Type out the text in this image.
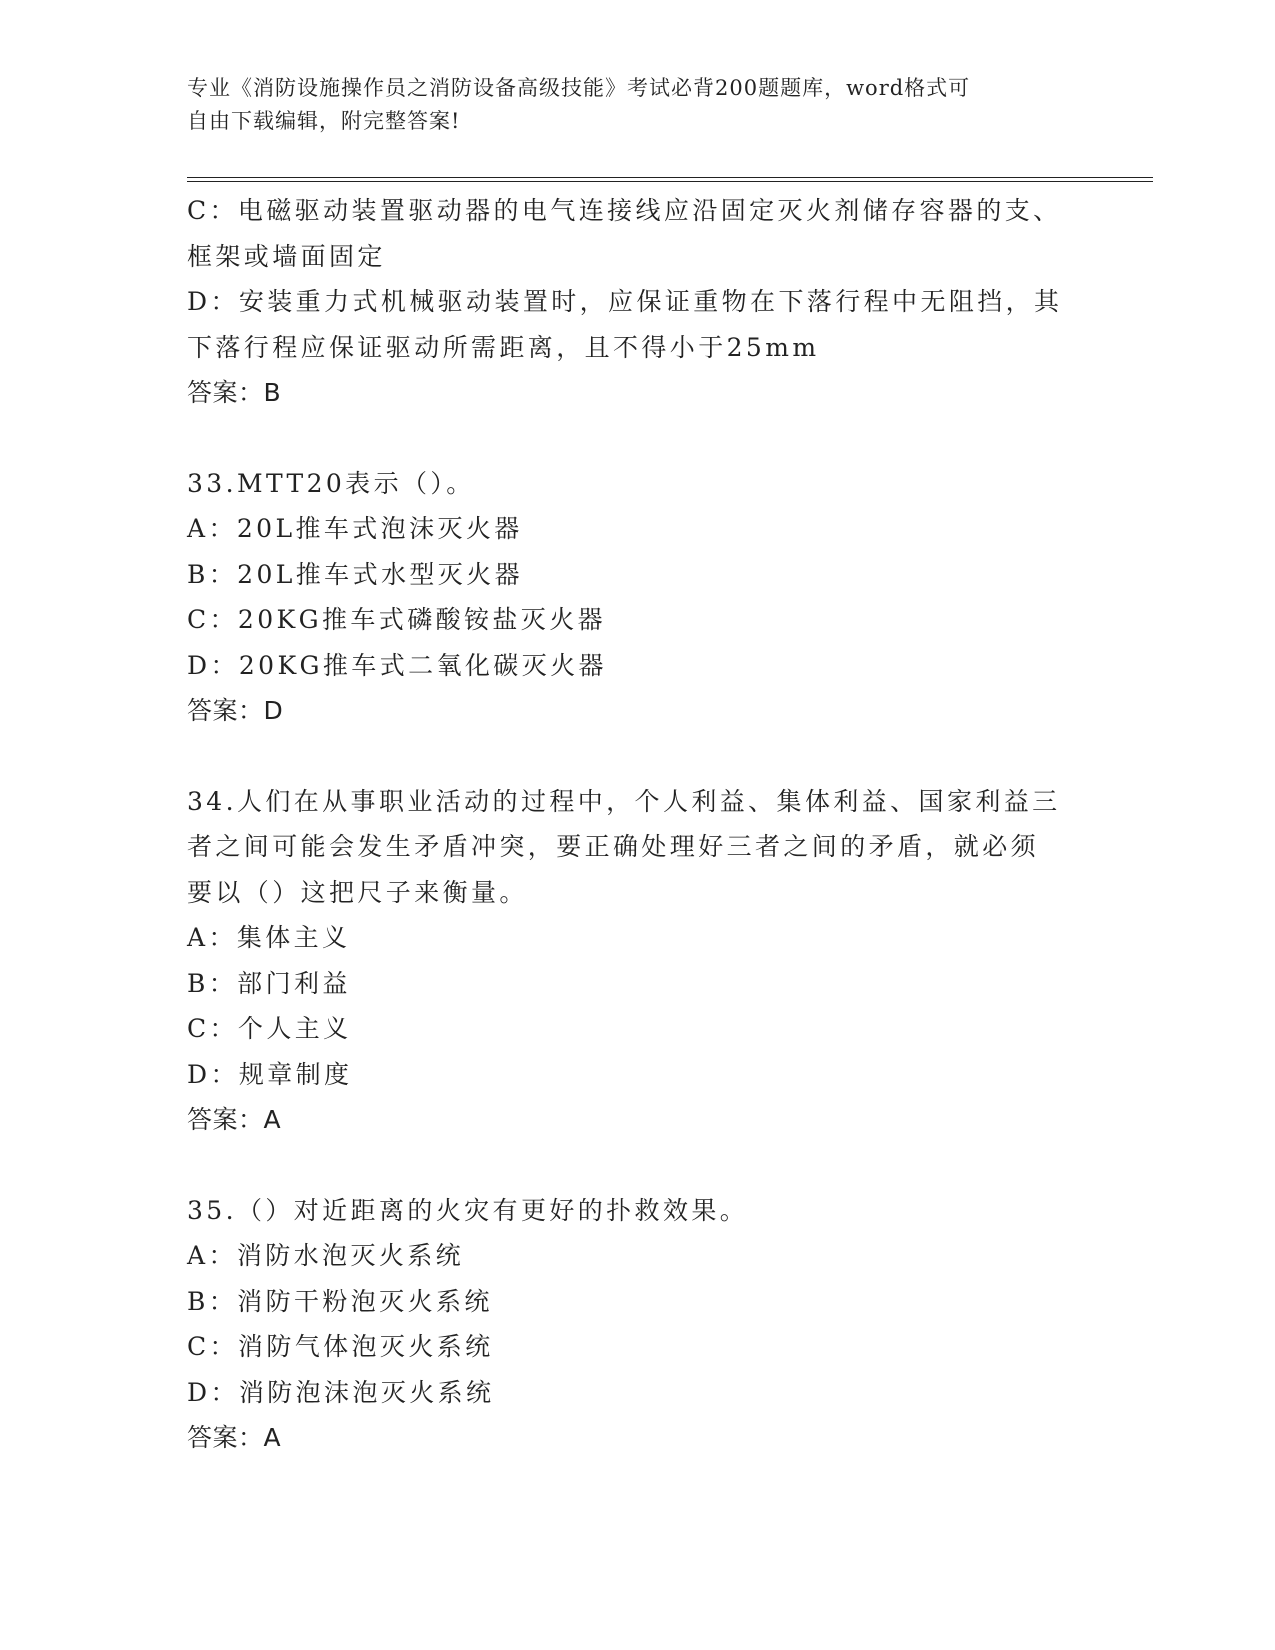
专业《消防设施操作员之消防设备高级技能》考试必背200题题库，word格式可
自由下载编辑，附完整答案!
C：电磁驱动装置驱动器的电气连接线应沿固定灭火剂储存容器的支、
框架或墙面固定
D：安装重力式机械驱动装置时，应保证重物在下落行程中无阻挡，其
下落行程应保证驱动所需距离，且不得小于25mm
答案：B
33.MTT20表示（）。
A：20L推车式泡沫灭火器
B：20L推车式水型灭火器
C：20KG推车式磷酸铵盐灭火器
D：20KG推车式二氧化碳灭火器
答案：D
34.人们在从事职业活动的过程中，个人利益、集体利益、国家利益三
者之间可能会发生矛盾冲突，要正确处理好三者之间的矛盾，就必须
要以（）这把尺子来衡量。
A：集体主义
B：部门利益
C：个人主义
D：规章制度
答案：A
35.（）对近距离的火灾有更好的扑救效果。
A：消防水泡灭火系统
B：消防干粉泡灭火系统
C：消防气体泡灭火系统
D：消防泡沫泡灭火系统
答案：A
